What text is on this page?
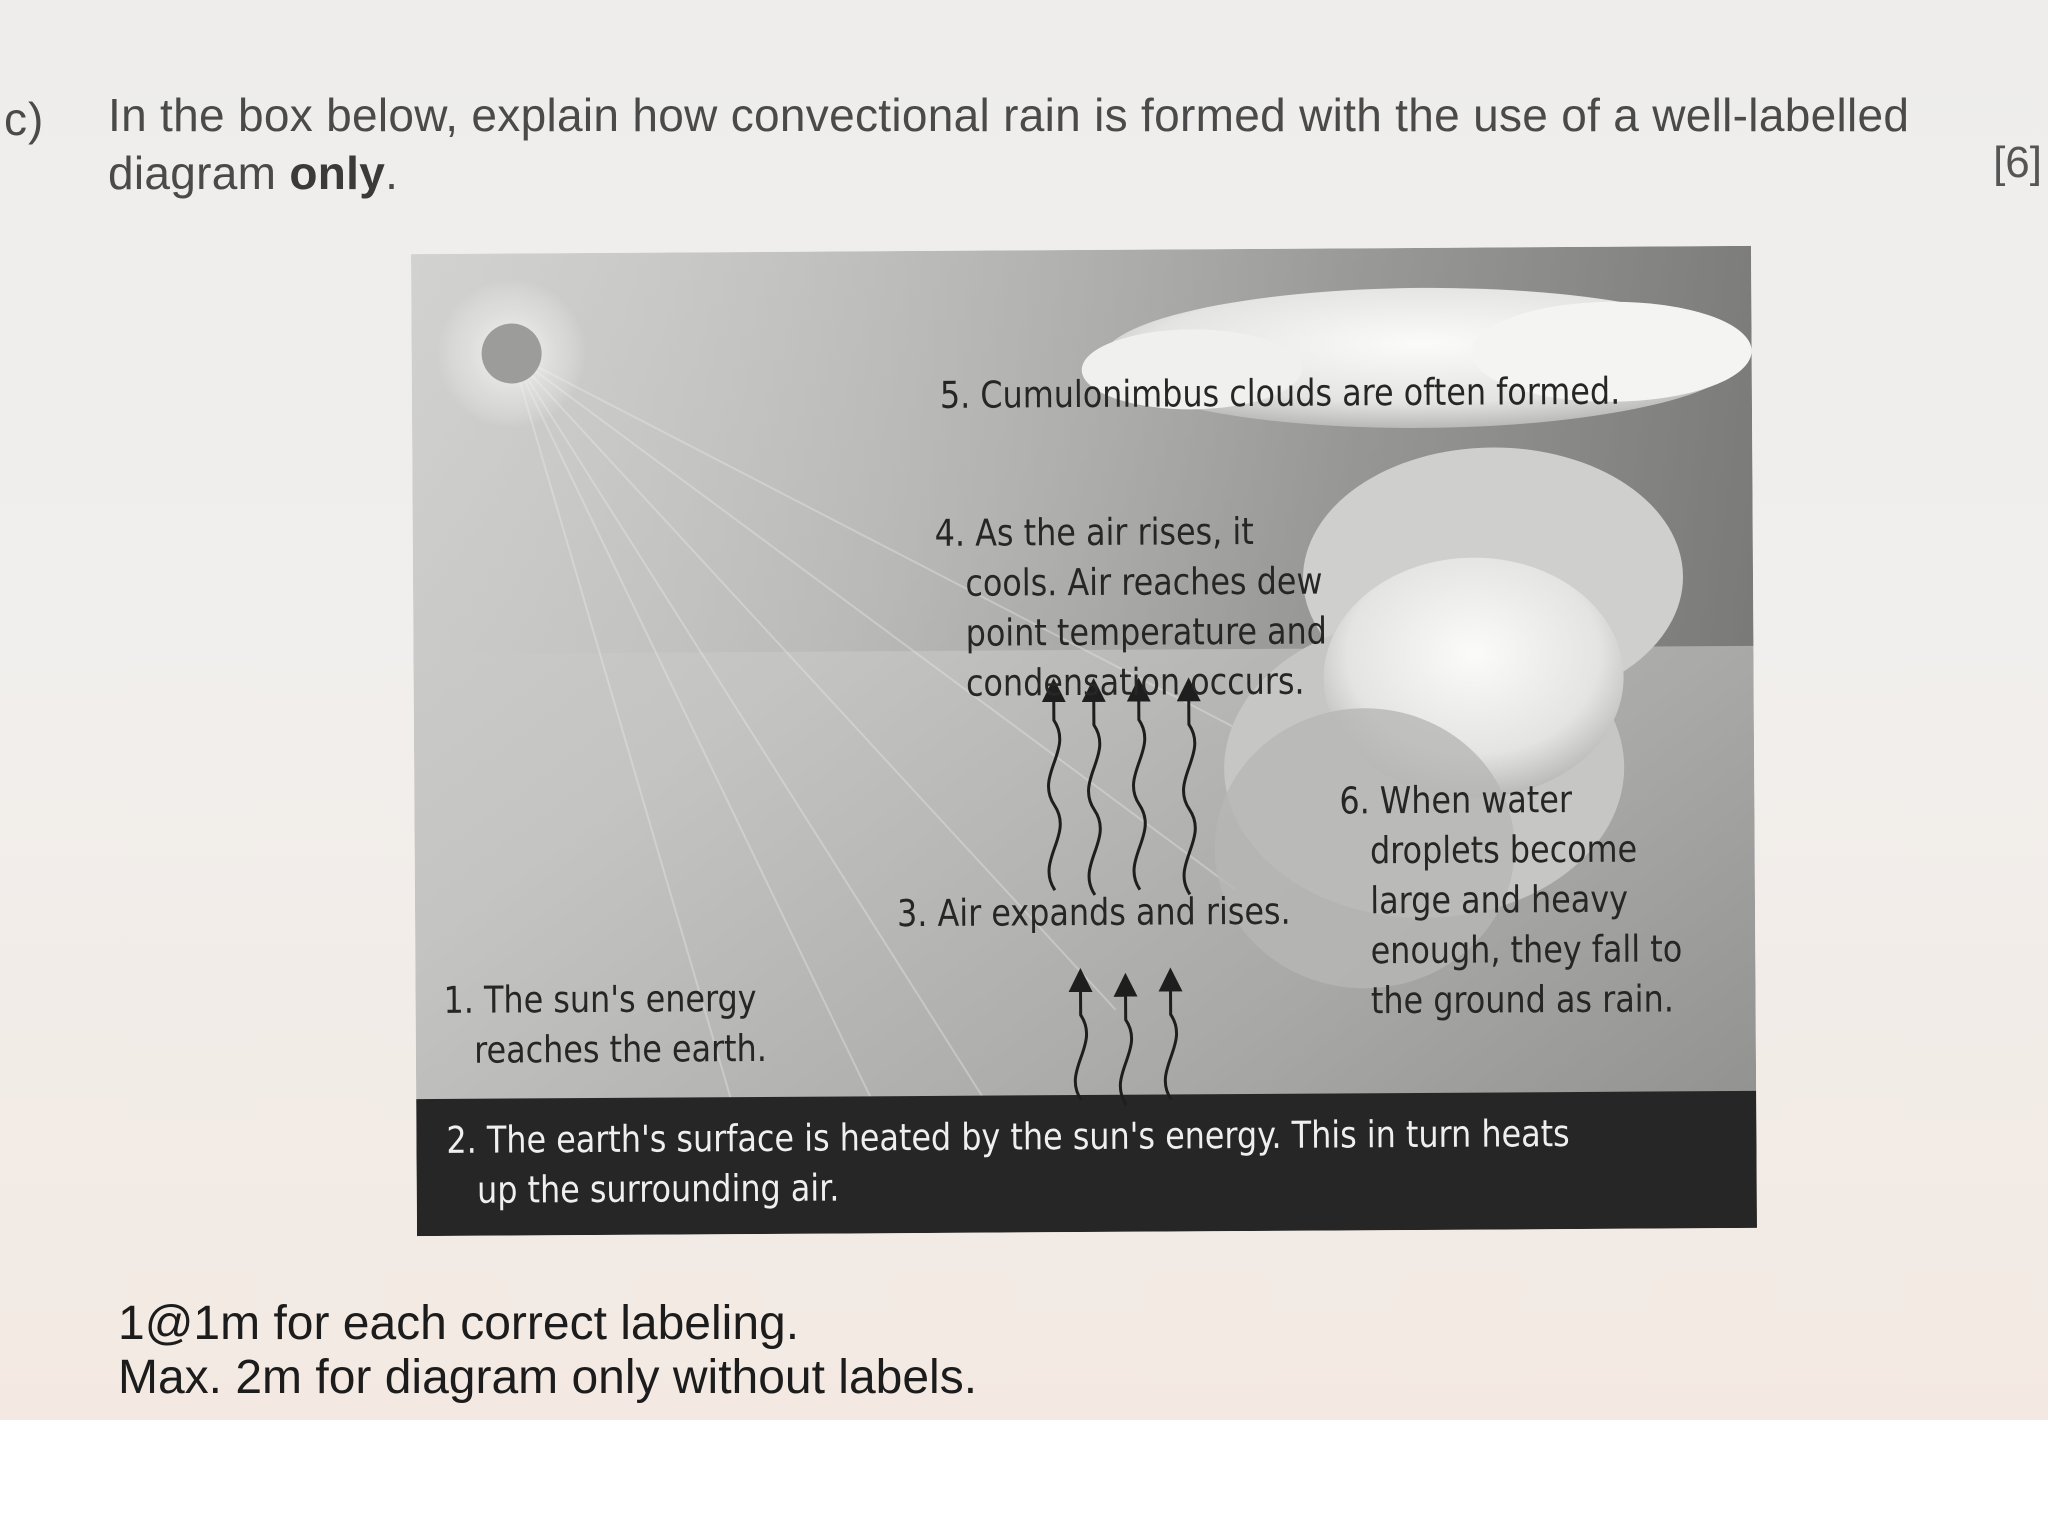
c) In the box below, explain how convectional rain is formed with the use of a well-labelled
diagram only.	[6]
5. Cumulonimbus clouds are often formed.
4. As the air rises, it
cools. Air reaches dew
point temperature and
condensation occurs.
6. When water
droplets become
large and heavy
enough, they fall to
the ground as rain.
3. Air expands and rises.
1. The sun's energy
reaches the earth.
2. The earth's surface is heated by the sun's energy. This in turn heats
up the surrounding air.
1@1m for each correct labeling.
Max. 2m for diagram only without labels.
